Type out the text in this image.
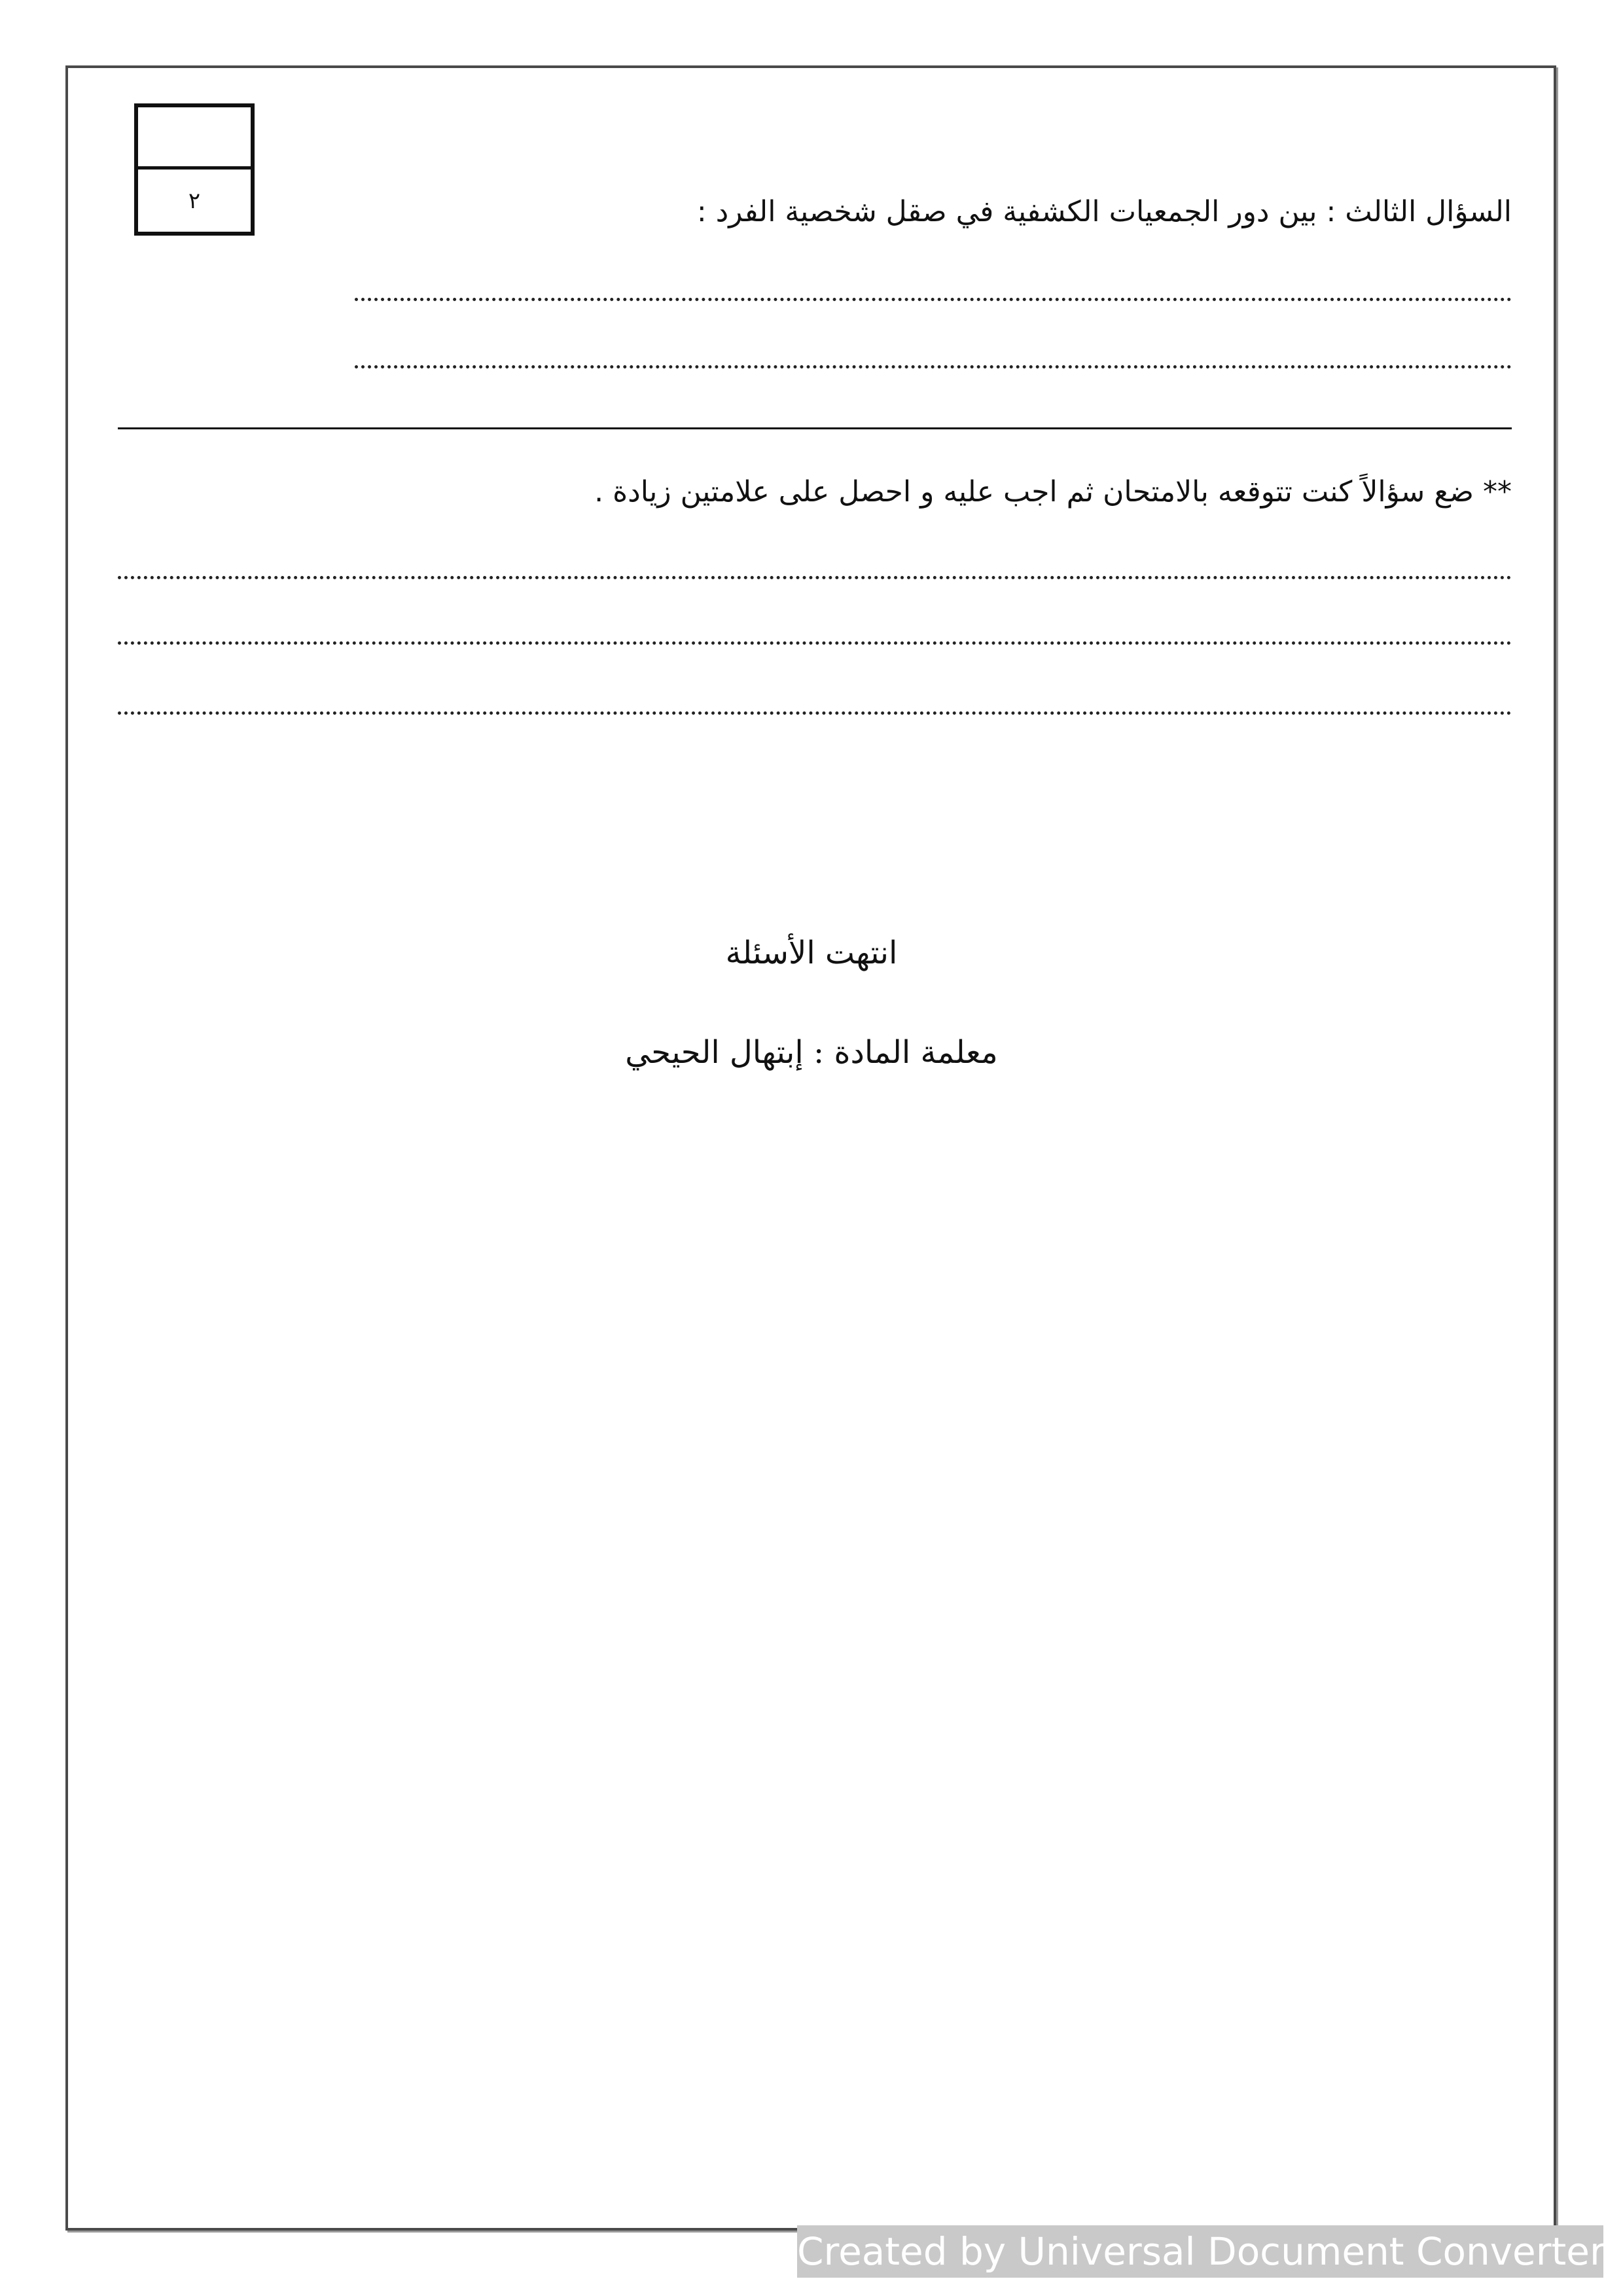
٢	السؤال الثالث : بين دور الجمعيات الكشفية في صقل شخصية الفرد :
** ضع سؤالاً كنت تتوقعه بالامتحان ثم اجب عليه و احصل على علامتين زيادة .
انتهت الأسئلة
معلمة المادة : إبتهال الحيحي
Created by Universal Document Converter
